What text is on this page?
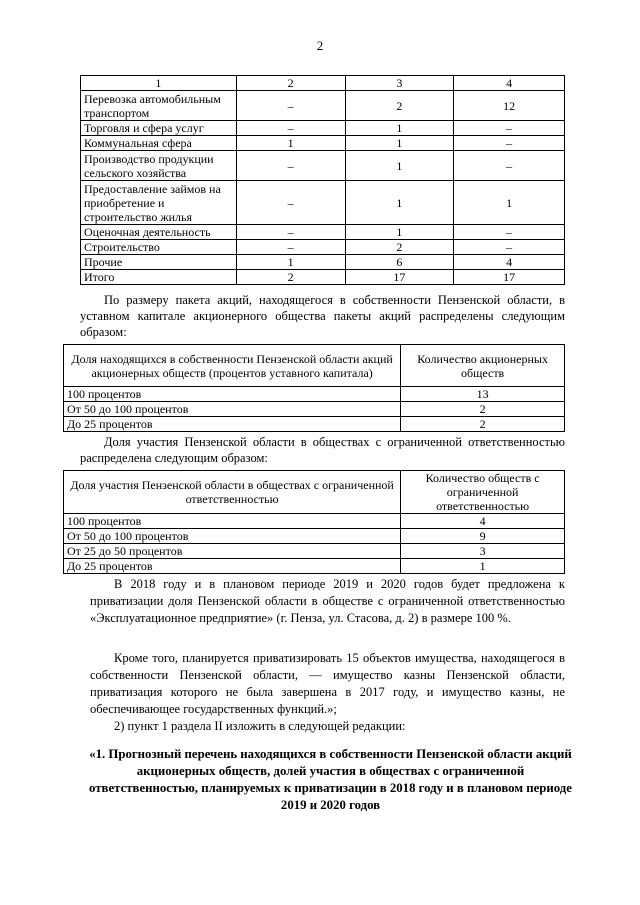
2
1	2	3	4
Перевозка автомобильным транспортом	–	2	12
Торговля и сфера услуг	–	1	–
Коммунальная сфера	1	1	–
Производство продукции сельского хозяйства	–	1	–
Предоставление займов на приобретение и строительство жилья	–	1	1
Оценочная деятельность	–	1	–
Строительство	–	2	–
Прочие	1	6	4
Итого	2	17	17

По размеру пакета акций, находящегося в собственности Пензенской области, в уставном капитале акционерного общества пакеты акций распределены следующим образом:

Доля находящихся в собственности Пензенской области акций акционерных обществ (процентов уставного капитала)	Количество акционерных обществ
100 процентов	13
От 50 до 100 процентов	2
До 25 процентов	2

Доля участия Пензенской области в обществах с ограниченной ответственностью распределена следующим образом:

Доля участия Пензенской области в обществах с ограниченной ответственностью	Количество обществ с ограниченной ответственностью
100 процентов	4
От 50 до 100 процентов	9
От 25 до 50 процентов	3
До 25 процентов	1

В 2018 году и в плановом периоде 2019 и 2020 годов будет предложена к приватизации доля Пензенской области в обществе с ограниченной ответственностью «Эксплуатационное предприятие» (г. Пенза, ул. Стасова, д. 2) в размере 100 %.

Кроме того, планируется приватизировать 15 объектов имущества, находящегося в собственности Пензенской области, — имущество казны Пензенской области, приватизация которого не была завершена в 2017 году, и имущество казны, не обеспечивающее государственных функций.»;

2) пункт 1 раздела II изложить в следующей редакции:

«1. Прогнозный перечень находящихся в собственности Пензенской области акций акционерных обществ, долей участия в обществах с ограниченной ответственностью, планируемых к приватизации в 2018 году и в плановом периоде 2019 и 2020 годов
